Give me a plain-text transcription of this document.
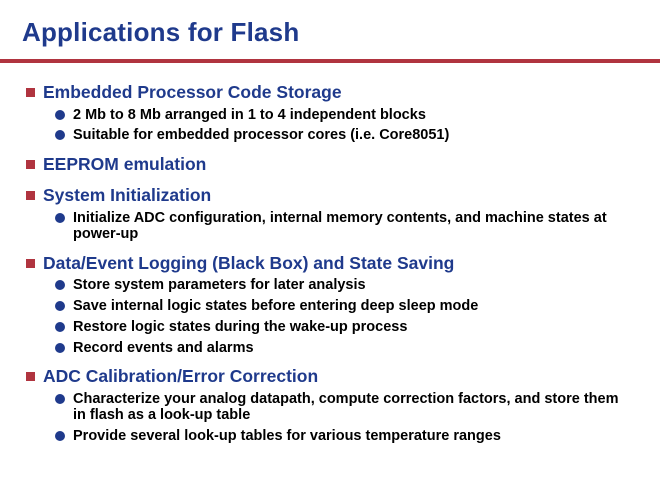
Applications for Flash
Embedded Processor Code Storage
2 Mb to 8 Mb arranged in 1 to 4 independent blocks
Suitable for embedded processor cores (i.e. Core8051)
EEPROM emulation
System Initialization
Initialize ADC configuration, internal memory contents, and machine states at power-up
Data/Event Logging (Black Box) and State Saving
Store system parameters for later analysis
Save internal logic states before entering deep sleep mode
Restore logic states during the wake-up process
Record events and alarms
ADC Calibration/Error Correction
Characterize your analog datapath, compute correction factors, and store them in flash as a look-up table
Provide several look-up tables for various temperature ranges
